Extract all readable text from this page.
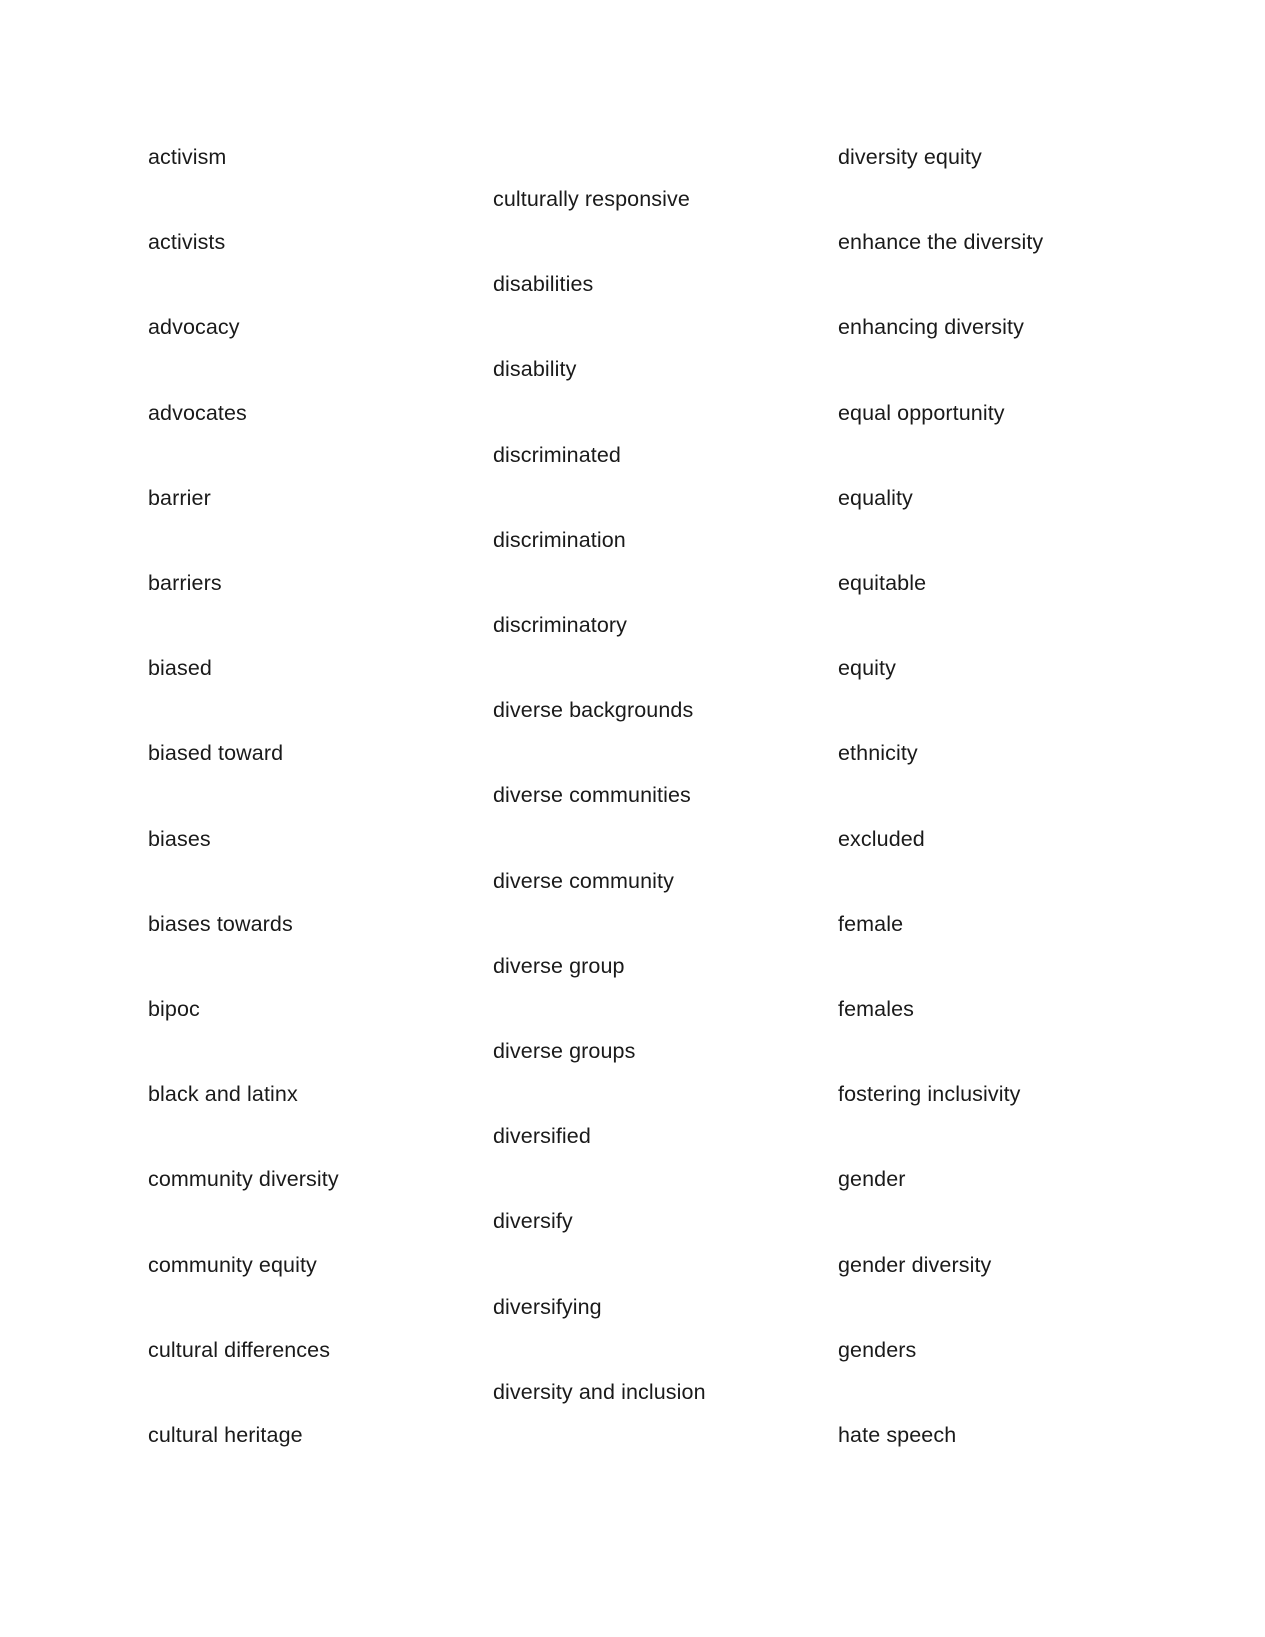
activism
activists
advocacy
advocates
barrier
barriers
biased
biased toward
biases
biases towards
bipoc
black and latinx
community diversity
community equity
cultural differences
cultural heritage
culturally responsive
disabilities
disability
discriminated
discrimination
discriminatory
diverse backgrounds
diverse communities
diverse community
diverse group
diverse groups
diversified
diversify
diversifying
diversity and inclusion
diversity equity
enhance the diversity
enhancing diversity
equal opportunity
equality
equitable
equity
ethnicity
excluded
female
females
fostering inclusivity
gender
gender diversity
genders
hate speech
